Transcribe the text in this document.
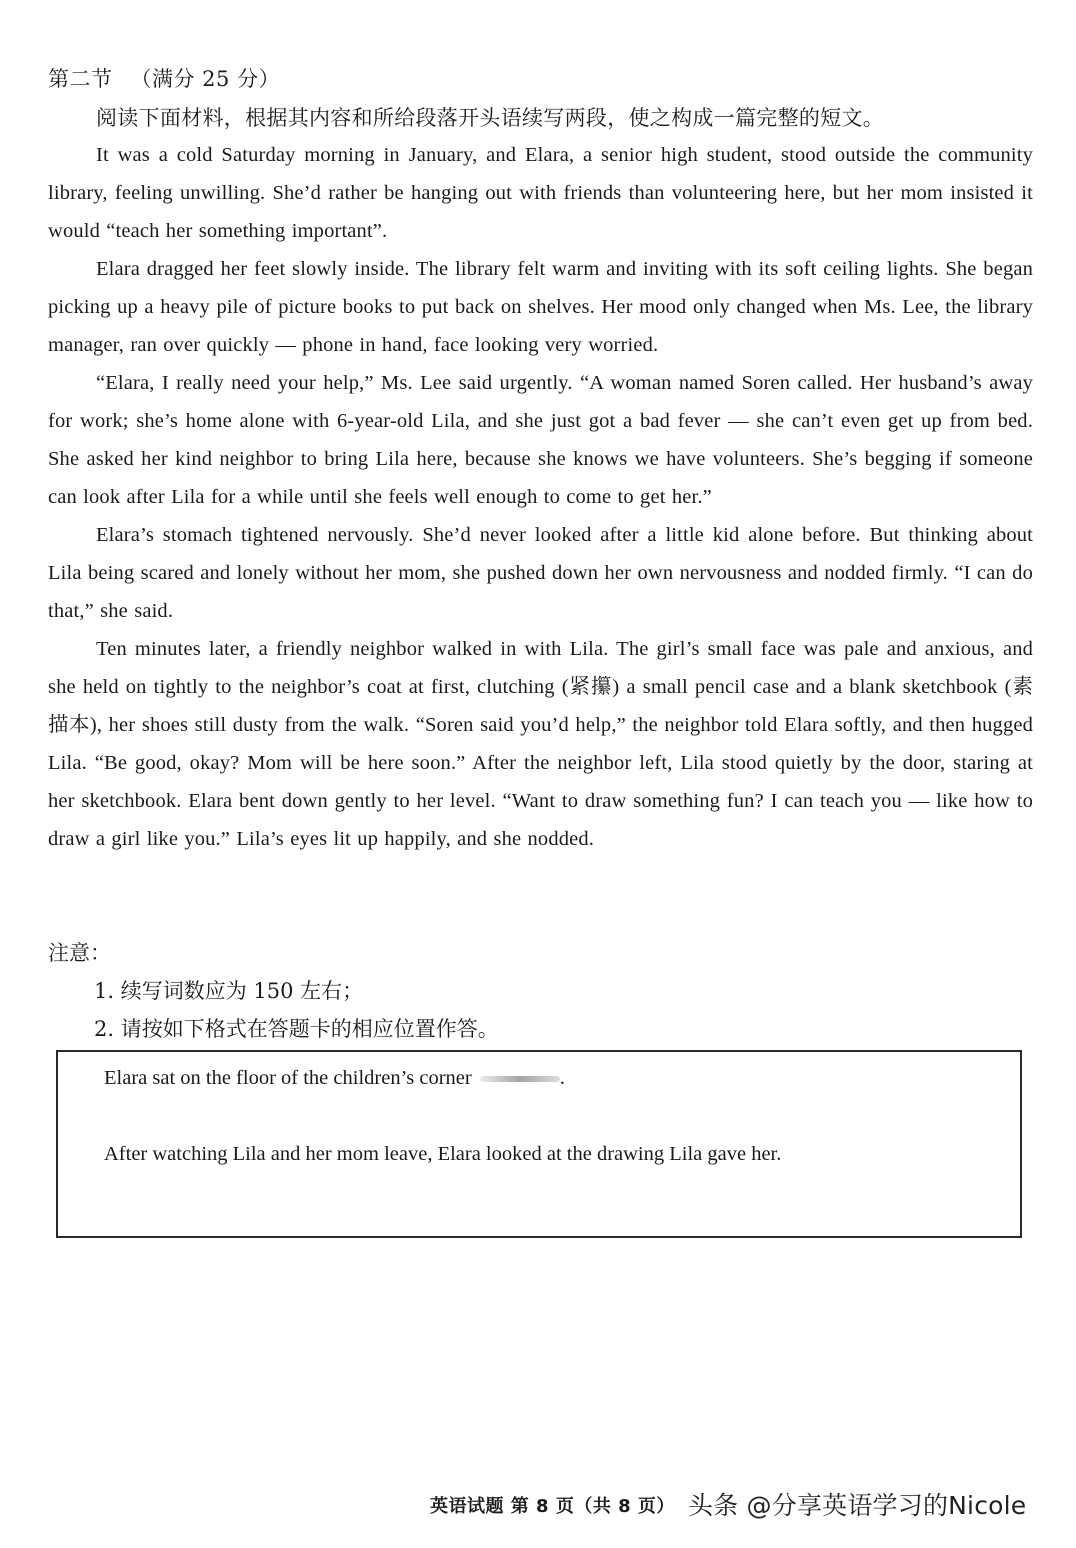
第二节 （满分 25 分）
阅读下面材料，根据其内容和所给段落开头语续写两段，使之构成一篇完整的短文。

It was a cold Saturday morning in January, and Elara, a senior high student, stood outside the community library, feeling unwilling. She’d rather be hanging out with friends than volunteering here, but her mom insisted it would “teach her something important”.

Elara dragged her feet slowly inside. The library felt warm and inviting with its soft ceiling lights. She began picking up a heavy pile of picture books to put back on shelves. Her mood only changed when Ms. Lee, the library manager, ran over quickly — phone in hand, face looking very worried.

“Elara, I really need your help,” Ms. Lee said urgently. “A woman named Soren called. Her husband’s away for work; she’s home alone with 6-year-old Lila, and she just got a bad fever — she can’t even get up from bed. She asked her kind neighbor to bring Lila here, because she knows we have volunteers. She’s begging if someone can look after Lila for a while until she feels well enough to come to get her.”

Elara’s stomach tightened nervously. She’d never looked after a little kid alone before. But thinking about Lila being scared and lonely without her mom, she pushed down her own nervousness and nodded firmly. “I can do that,” she said.

Ten minutes later, a friendly neighbor walked in with Lila. The girl’s small face was pale and anxious, and she held on tightly to the neighbor’s coat at first, clutching (紧攥) a small pencil case and a blank sketchbook (素描本), her shoes still dusty from the walk. “Soren said you’d help,” the neighbor told Elara softly, and then hugged Lila. “Be good, okay? Mom will be here soon.” After the neighbor left, Lila stood quietly by the door, staring at her sketchbook. Elara bent down gently to her level. “Want to draw something fun? I can teach you — like how to draw a girl like you.” Lila’s eyes lit up happily, and she nodded.

注意：
1. 续写词数应为 150 左右；
2. 请按如下格式在答题卡的相应位置作答。
Elara sat on the floor of the children’s corner	.
After watching Lila and her mom leave, Elara looked at the drawing Lila gave her.
英语试题 第 8 页（共 8 页） 头条 @分享英语学习的Nicole
